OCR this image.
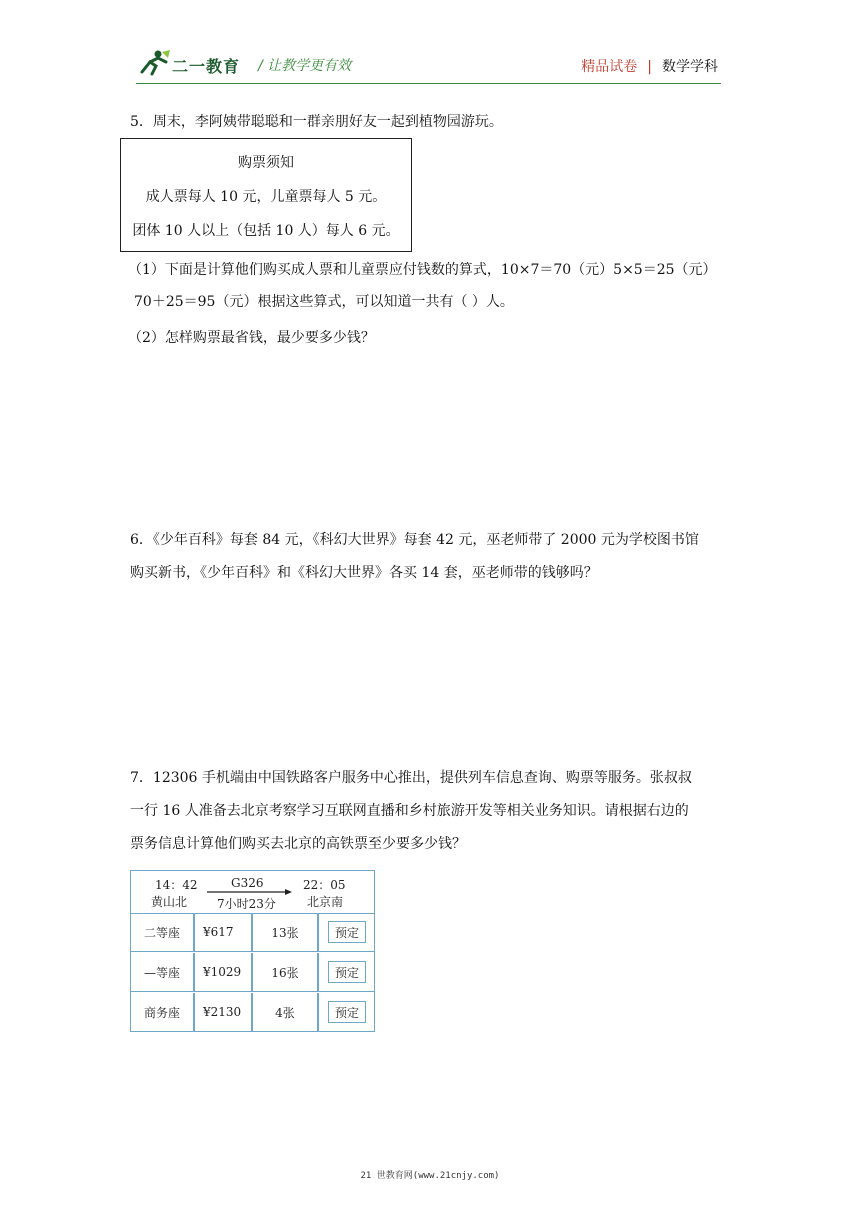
二一教育 / 让教学更有效	精品试卷 | 数学学科
5．周末，李阿姨带聪聪和一群亲朋好友一起到植物园游玩。
购票须知
成人票每人 10 元，儿童票每人 5 元。
团体 10 人以上（包括 10 人）每人 6 元。
（1）下面是计算他们购买成人票和儿童票应付钱数的算式，10×7＝70（元）5×5＝25（元）
70＋25＝95（元）根据这些算式，可以知道一共有（ ）人。
（2）怎样购票最省钱，最少要多少钱？
6．《少年百科》每套 84 元，《科幻大世界》每套 42 元，巫老师带了 2000 元为学校图书馆
购买新书，《少年百科》和《科幻大世界》各买 14 套，巫老师带的钱够吗？
7．12306 手机端由中国铁路客户服务中心推出，提供列车信息查询、购票等服务。张叔叔
一行 16 人准备去北京考察学习互联网直播和乡村旅游开发等相关业务知识。请根据右边的
票务信息计算他们购买去北京的高铁票至少要多少钱？
14：42
黄山北
G326
7小时23分
22：05
北京南
二等座	¥617	13张	预定
—等座	¥1029	16张	预定
商务座	¥2130	4张	预定
21 世教育网(www.21cnjy.com)
